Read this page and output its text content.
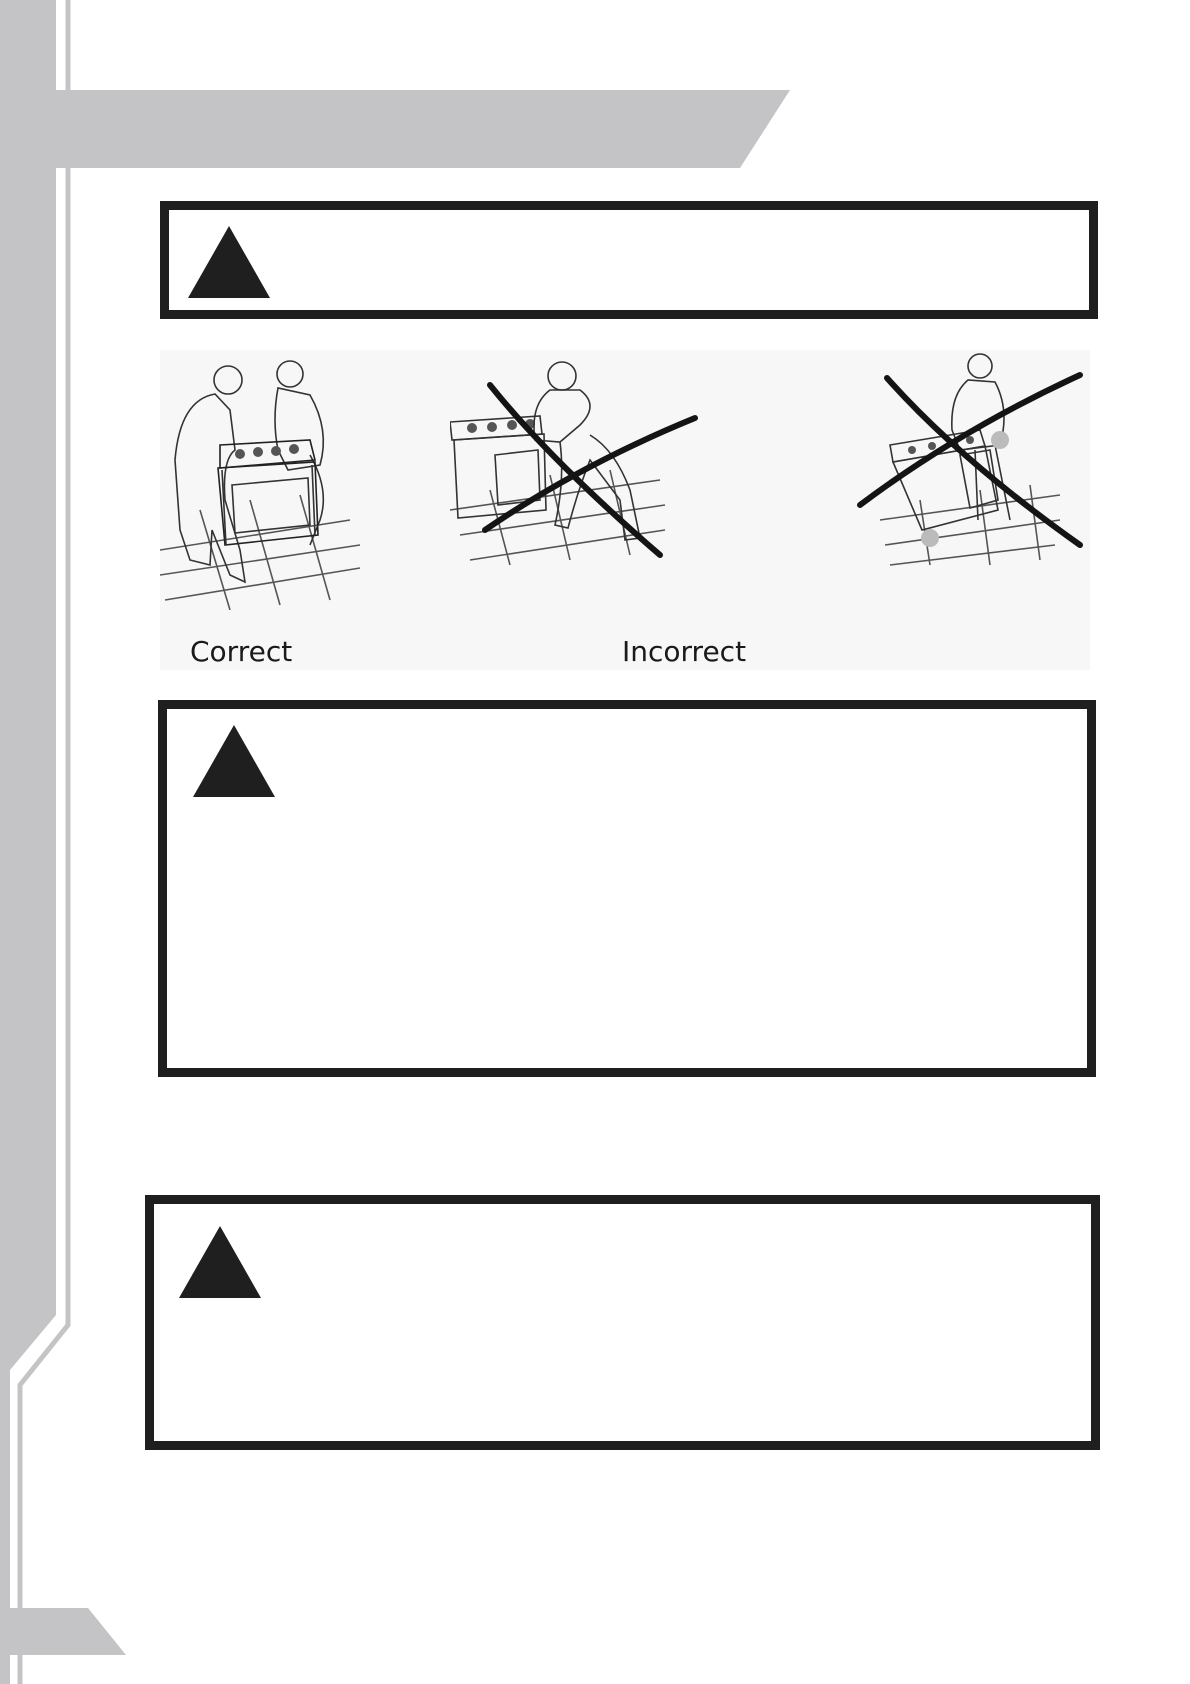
Correct	Incorrect
